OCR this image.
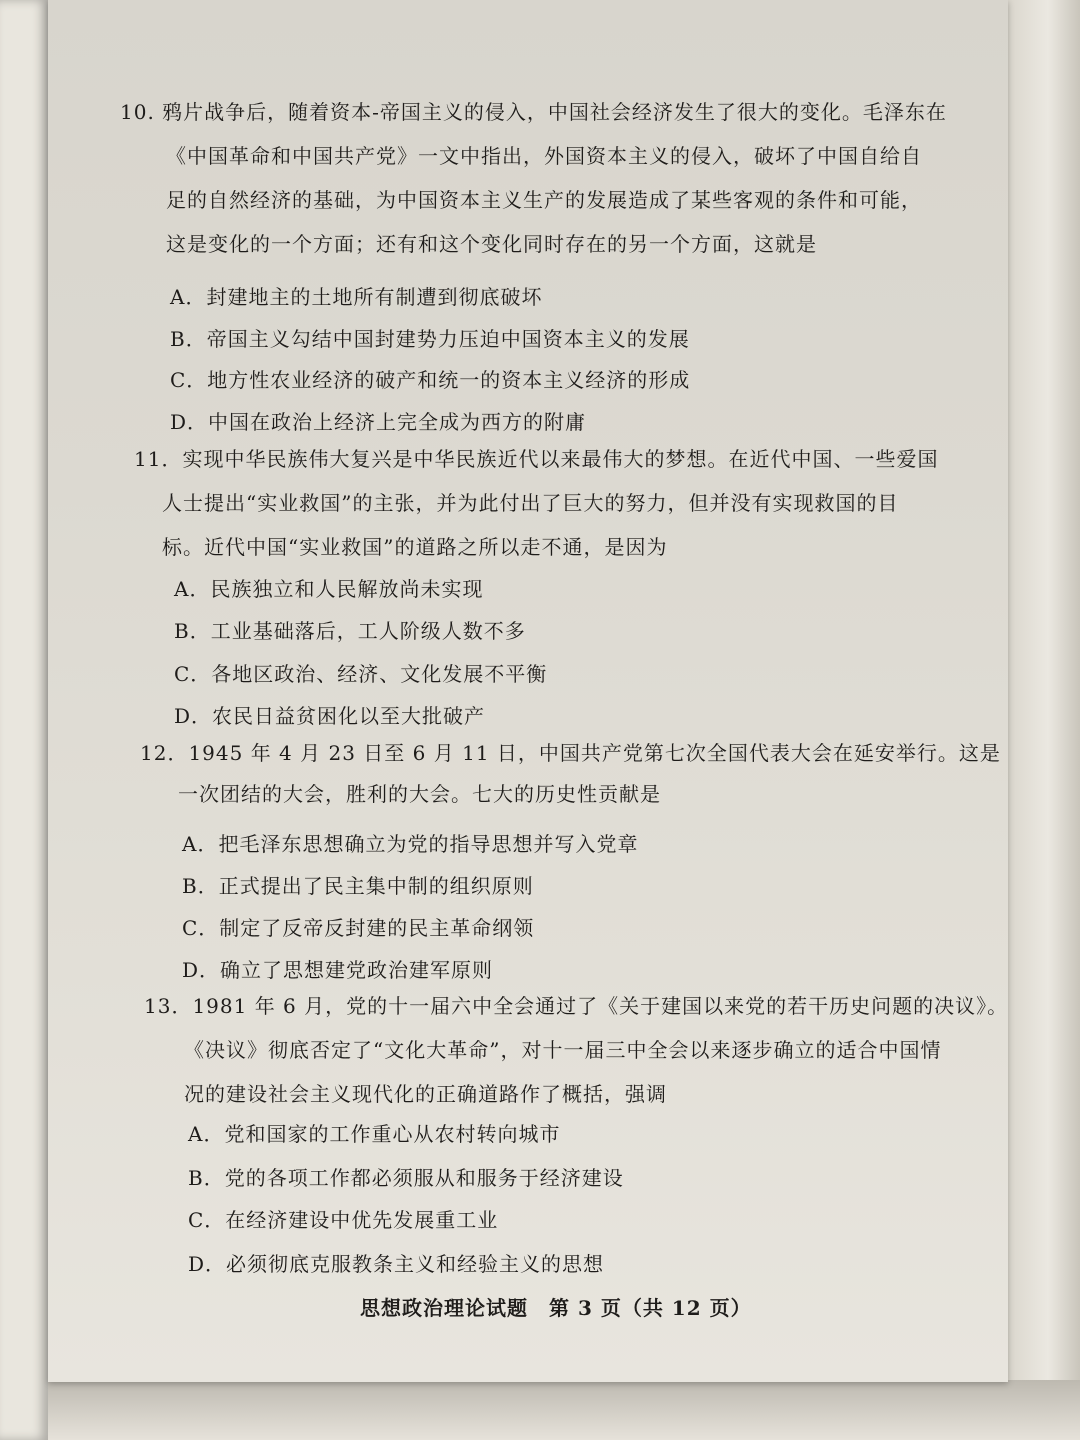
10. 鸦片战争后，随着资本-帝国主义的侵入，中国社会经济发生了很大的变化。毛泽东在
《中国革命和中国共产党》一文中指出，外国资本主义的侵入，破坏了中国自给自
足的自然经济的基础，为中国资本主义生产的发展造成了某些客观的条件和可能，
这是变化的一个方面；还有和这个变化同时存在的另一个方面，这就是
A．封建地主的土地所有制遭到彻底破坏
B．帝国主义勾结中国封建势力压迫中国资本主义的发展
C．地方性农业经济的破产和统一的资本主义经济的形成
D．中国在政治上经济上完全成为西方的附庸
11．实现中华民族伟大复兴是中华民族近代以来最伟大的梦想。在近代中国、一些爱国
人士提出“实业救国”的主张，并为此付出了巨大的努力，但并没有实现救国的目
标。近代中国“实业救国”的道路之所以走不通，是因为
A．民族独立和人民解放尚未实现
B．工业基础落后，工人阶级人数不多
C．各地区政治、经济、文化发展不平衡
D．农民日益贫困化以至大批破产
12．1945 年 4 月 23 日至 6 月 11 日，中国共产党第七次全国代表大会在延安举行。这是
一次团结的大会，胜利的大会。七大的历史性贡献是
A．把毛泽东思想确立为党的指导思想并写入党章
B．正式提出了民主集中制的组织原则
C．制定了反帝反封建的民主革命纲领
D．确立了思想建党政治建军原则
13．1981 年 6 月，党的十一届六中全会通过了《关于建国以来党的若干历史问题的决议》。
《决议》彻底否定了“文化大革命”，对十一届三中全会以来逐步确立的适合中国情
况的建设社会主义现代化的正确道路作了概括，强调
A．党和国家的工作重心从农村转向城市
B．党的各项工作都必须服从和服务于经济建设
C．在经济建设中优先发展重工业
D．必须彻底克服教条主义和经验主义的思想
思想政治理论试题　第 3 页（共 12 页）
